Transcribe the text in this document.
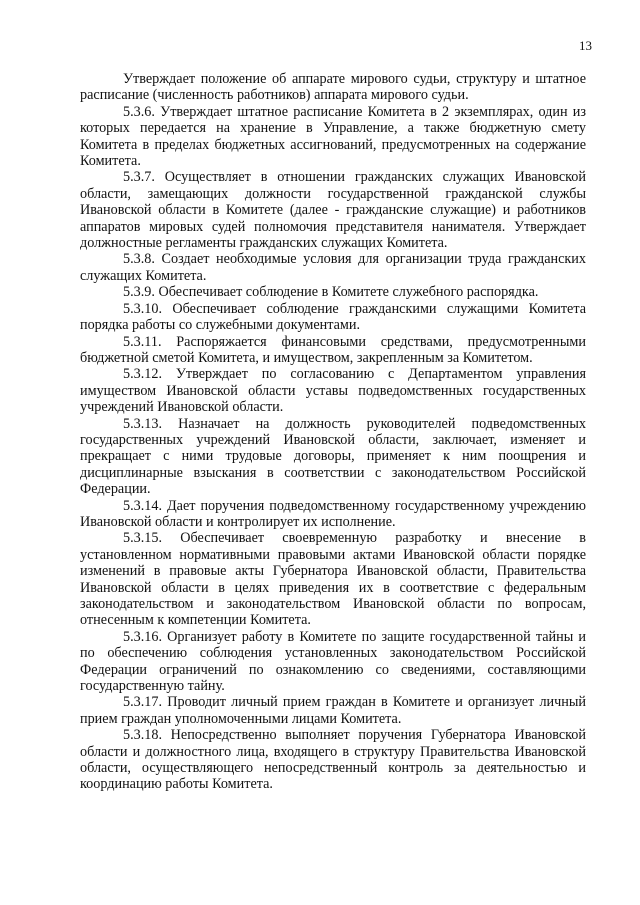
13

Утверждает положение об аппарате мирового судьи, структуру и штатное расписание (численность работников) аппарата мирового судьи.

5.3.6. Утверждает штатное расписание Комитета в 2 экземплярах, один из которых передается на хранение в Управление, а также бюджетную смету Комитета в пределах бюджетных ассигнований, предусмотренных на содержание Комитета.

5.3.7. Осуществляет в отношении гражданских служащих Ивановской области, замещающих должности государственной гражданской службы Ивановской области в Комитете (далее - гражданские служащие) и работников аппаратов мировых судей полномочия представителя нанимателя. Утверждает должностные регламенты гражданских служащих Комитета.

5.3.8. Создает необходимые условия для организации труда гражданских служащих Комитета.

5.3.9. Обеспечивает соблюдение в Комитете служебного распорядка.

5.3.10. Обеспечивает соблюдение гражданскими служащими Комитета порядка работы со служебными документами.

5.3.11. Распоряжается финансовыми средствами, предусмотренными бюджетной сметой Комитета, и имуществом, закрепленным за Комитетом.

5.3.12. Утверждает по согласованию с Департаментом управления имуществом Ивановской области уставы подведомственных государственных учреждений Ивановской области.

5.3.13. Назначает на должность руководителей подведомственных государственных учреждений Ивановской области, заключает, изменяет и прекращает с ними трудовые договоры, применяет к ним поощрения и дисциплинарные взыскания в соответствии с законодательством Российской Федерации.

5.3.14. Дает поручения подведомственному государственному учреждению Ивановской области и контролирует их исполнение.

5.3.15. Обеспечивает своевременную разработку и внесение в установленном нормативными правовыми актами Ивановской области порядке изменений в правовые акты Губернатора Ивановской области, Правительства Ивановской области в целях приведения их в соответствие с федеральным законодательством и законодательством Ивановской области по вопросам, отнесенным к компетенции Комитета.

5.3.16. Организует работу в Комитете по защите государственной тайны и по обеспечению соблюдения установленных законодательством Российской Федерации ограничений по ознакомлению со сведениями, составляющими государственную тайну.

5.3.17. Проводит личный прием граждан в Комитете и организует личный прием граждан уполномоченными лицами Комитета.

5.3.18. Непосредственно выполняет поручения Губернатора Ивановской области и должностного лица, входящего в структуру Правительства Ивановской области, осуществляющего непосредственный контроль за деятельностью и координацию работы Комитета.
